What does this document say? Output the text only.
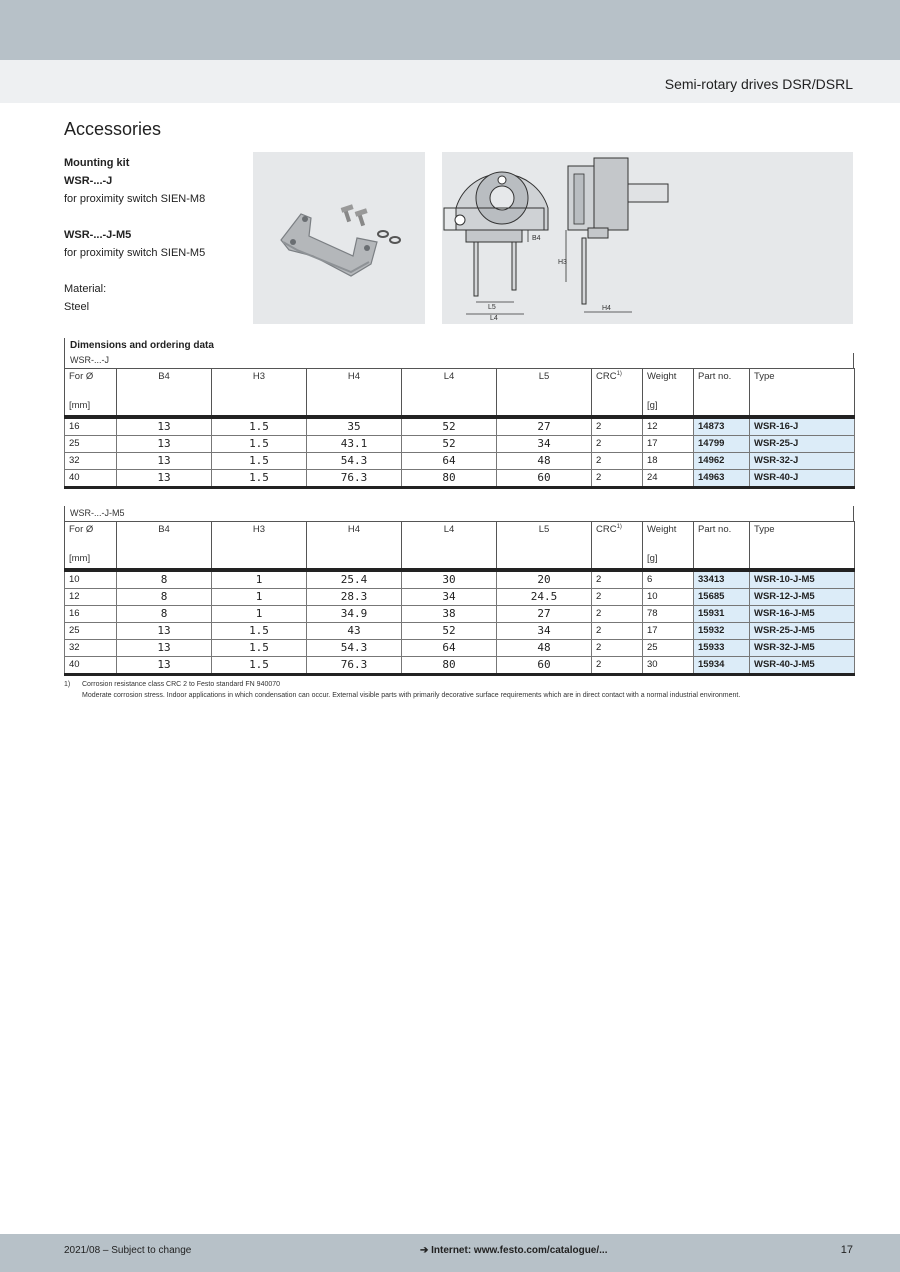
Semi-rotary drives DSR/DSRL
Accessories
Mounting kit
WSR-...-J
for proximity switch SIEN-M8
WSR-...-J-M5
for proximity switch SIEN-M5
Material:
Steel	L5
L4
B4
H3
H4
Dimensions and ordering data
WSR-...-J
For Ø
[mm]	B4	H3	H4	L4	L5	CRC$^{1)}$	Weight
[g]	Part no.	Type
16	13	1.5	35	52	27	2	12	14873	WSR-16-J
25	13	1.5	43.1	52	34	2	17	14799	WSR-25-J
32	13	1.5	54.3	64	48	2	18	14962	WSR-32-J
40	13	1.5	76.3	80	60	2	24	14963	WSR-40-J
WSR-...-J-M5
For Ø
[mm]	B4	H3	H4	L4	L5	CRC$^{1)}$	Weight
[g]	Part no.	Type
10	8	1	25.4	30	20	2	6	33413	WSR-10-J-M5
12	8	1	28.3	34	24.5	2	10	15685	WSR-12-J-M5
16	8	1	34.9	38	27	2	78	15931	WSR-16-J-M5
25	13	1.5	43	52	34	2	17	15932	WSR-25-J-M5
32	13	1.5	54.3	64	48	2	25	15933	WSR-32-J-M5
40	13	1.5	76.3	80	60	2	30	15934	WSR-40-J-M5
1) Corrosion resistance class CRC 2 to Festo standard FN 940070
Moderate corrosion stress. Indoor applications in which condensation can occur. External visible parts with primarily decorative surface requirements which are in direct contact with a normal industrial environment.
2021/08 – Subject to change	➔ Internet: www.festo.com/catalogue/...	17
